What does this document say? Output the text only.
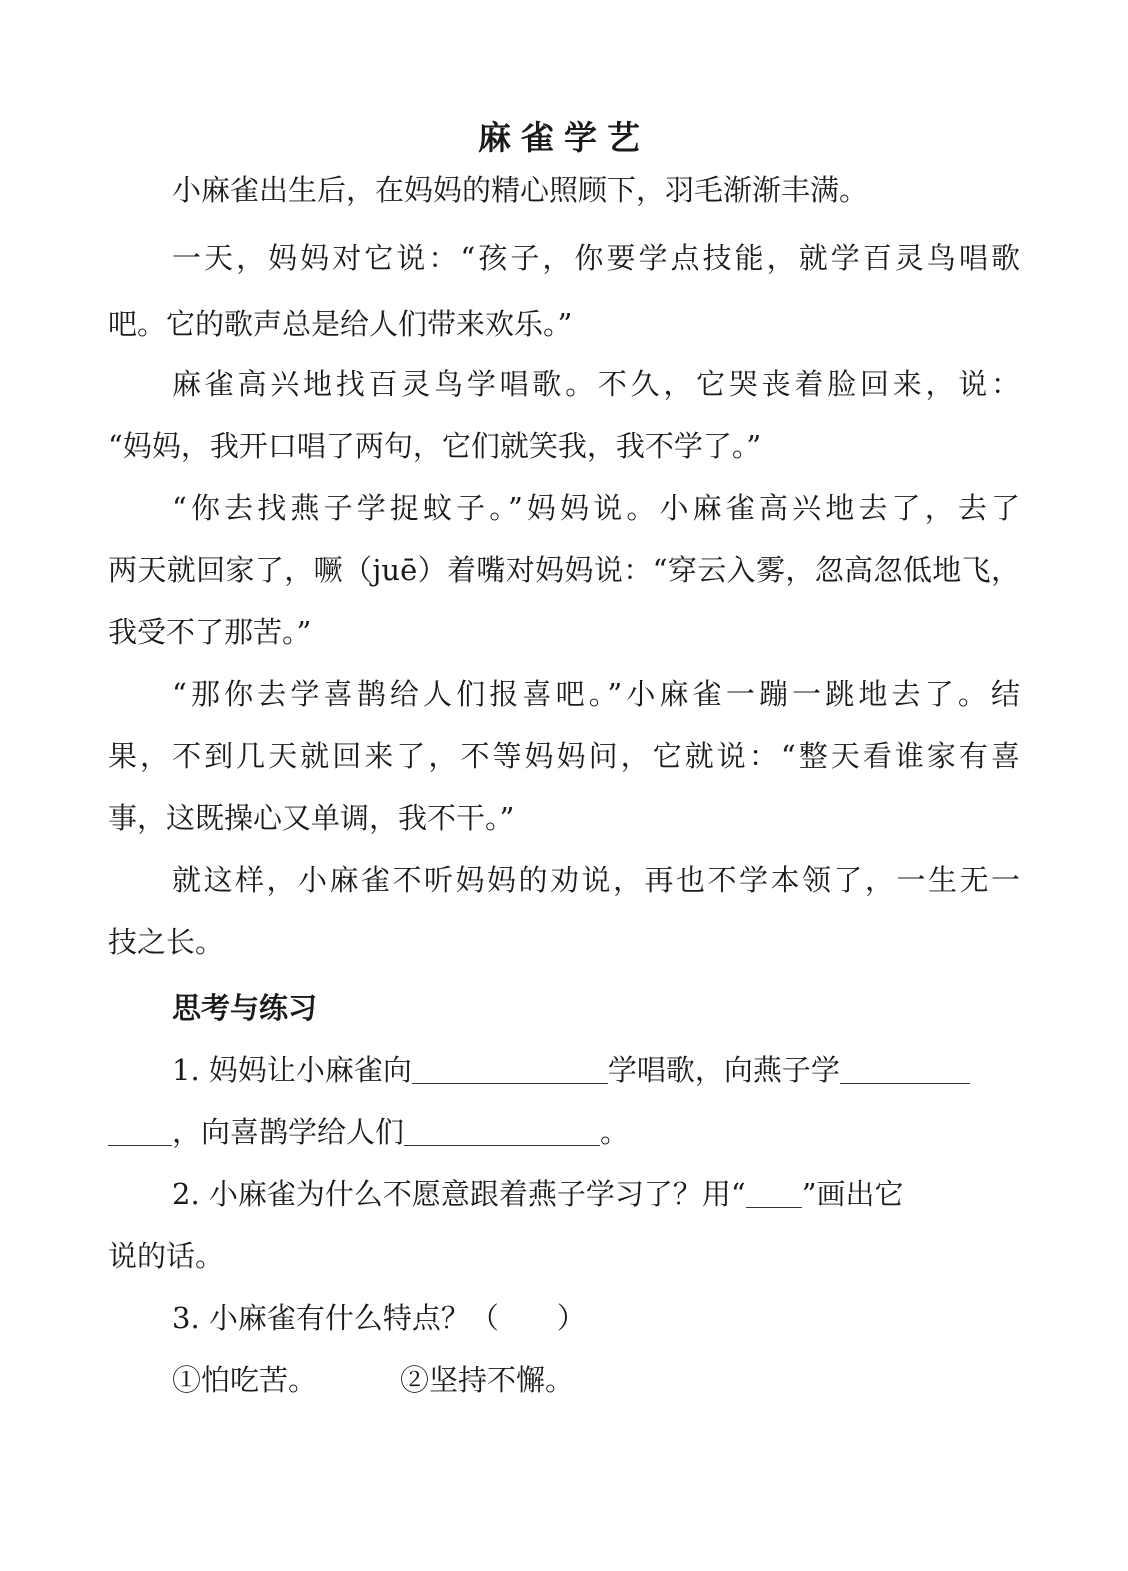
麻雀学艺
小麻雀出生后，在妈妈的精心照顾下，羽毛渐渐丰满。
一天，妈妈对它说：“孩子，你要学点技能，就学百灵鸟唱歌
吧。它的歌声总是给人们带来欢乐。”
麻雀高兴地找百灵鸟学唱歌。不久，它哭丧着脸回来，说：
“妈妈，我开口唱了两句，它们就笑我，我不学了。”
“你去找燕子学捉蚊子。”妈妈说。小麻雀高兴地去了，去了
两天就回家了，噘（juē）着嘴对妈妈说：“穿云入雾，忽高忽低地飞，
我受不了那苦。”
“那你去学喜鹊给人们报喜吧。”小麻雀一蹦一跳地去了。结
果，不到几天就回来了，不等妈妈问，它就说：“整天看谁家有喜
事，这既操心又单调，我不干。”
就这样，小麻雀不听妈妈的劝说，再也不学本领了，一生无一
技之长。
思考与练习
1. 妈妈让小麻雀向	学唱歌，向燕子学
，向喜鹊学给人们	。
2. 小麻雀为什么不愿意跟着燕子学习了？用“ ”画出它
说的话。
3. 小麻雀有什么特点？（　　）
①怕吃苦。	②坚持不懈。
